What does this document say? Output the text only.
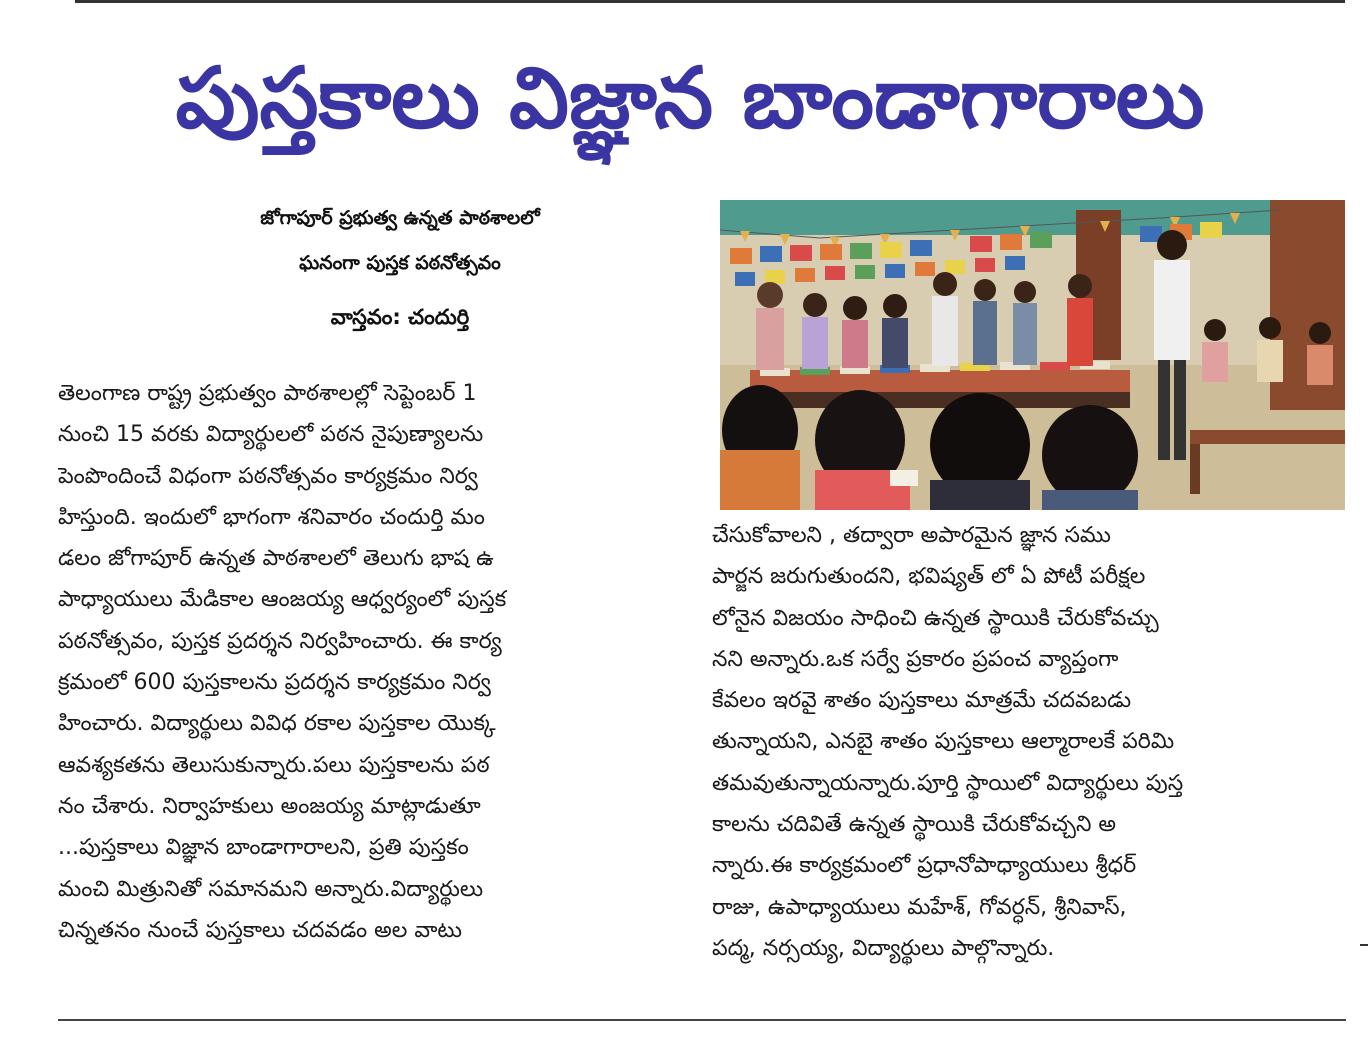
పుస్తకాలు విజ్ఞాన బాండాగారాలు
జోగాపూర్ ప్రభుత్వ ఉన్నత పాఠశాలలో
ఘనంగా పుస్తక పఠనోత్సవం
వాస్తవం: చందుర్తి
తెలంగాణ రాష్ట్ర ప్రభుత్వం పాఠశాలల్లో సెప్టెంబర్ 1
నుంచి 15 వరకు విద్యార్థులలో పఠన నైపుణ్యాలను
పెంపొందించే విధంగా పఠనోత్సవం కార్యక్రమం నిర్వ
హిస్తుంది. ఇందులో భాగంగా శనివారం చందుర్తి మం
డలం జోగాపూర్ ఉన్నత పాఠశాలలో తెలుగు భాష ఉ
పాధ్యాయులు మేడికాల ఆంజయ్య ఆధ్వర్యంలో పుస్తక
పఠనోత్సవం, పుస్తక ప్రదర్శన నిర్వహించారు. ఈ కార్య
క్రమంలో 600 పుస్తకాలను ప్రదర్శన కార్యక్రమం నిర్వ
హించారు. విద్యార్థులు వివిధ రకాల పుస్తకాల యొక్క
ఆవశ్యకతను తెలుసుకున్నారు.పలు పుస్తకాలను పఠ
నం చేశారు. నిర్వాహకులు అంజయ్య మాట్లాడుతూ
...పుస్తకాలు విజ్ఞాన బాండాగారాలని, ప్రతి పుస్తకం
మంచి మిత్రునితో సమానమని అన్నారు.విద్యార్థులు
చిన్నతనం నుంచే పుస్తకాలు చదవడం అల వాటు
చేసుకోవాలని , తద్వారా అపారమైన జ్ఞాన సము
పార్జన జరుగుతుందని, భవిష్యత్ లో ఏ పోటీ పరీక్షల
లోనైన విజయం సాధించి ఉన్నత స్థాయికి చేరుకోవచ్చు
నని అన్నారు.ఒక సర్వే ప్రకారం ప్రపంచ వ్యాప్తంగా
కేవలం ఇరవై శాతం పుస్తకాలు మాత్రమే చదవబడు
తున్నాయని, ఎనబై శాతం పుస్తకాలు ఆల్మారాలకే పరిమి
తమవుతున్నాయన్నారు.పూర్తి స్థాయిలో విద్యార్థులు పుస్త
కాలను చదివితే ఉన్నత స్థాయికి చేరుకోవచ్చని అ
న్నారు.ఈ కార్యక్రమంలో ప్రధానోపాధ్యాయులు శ్రీధర్
రాజు, ఉపాధ్యాయులు మహేశ్, గోవర్ధన్, శ్రీనివాస్,
పద్మ, నర్సయ్య, విద్యార్థులు పాల్గొన్నారు.
